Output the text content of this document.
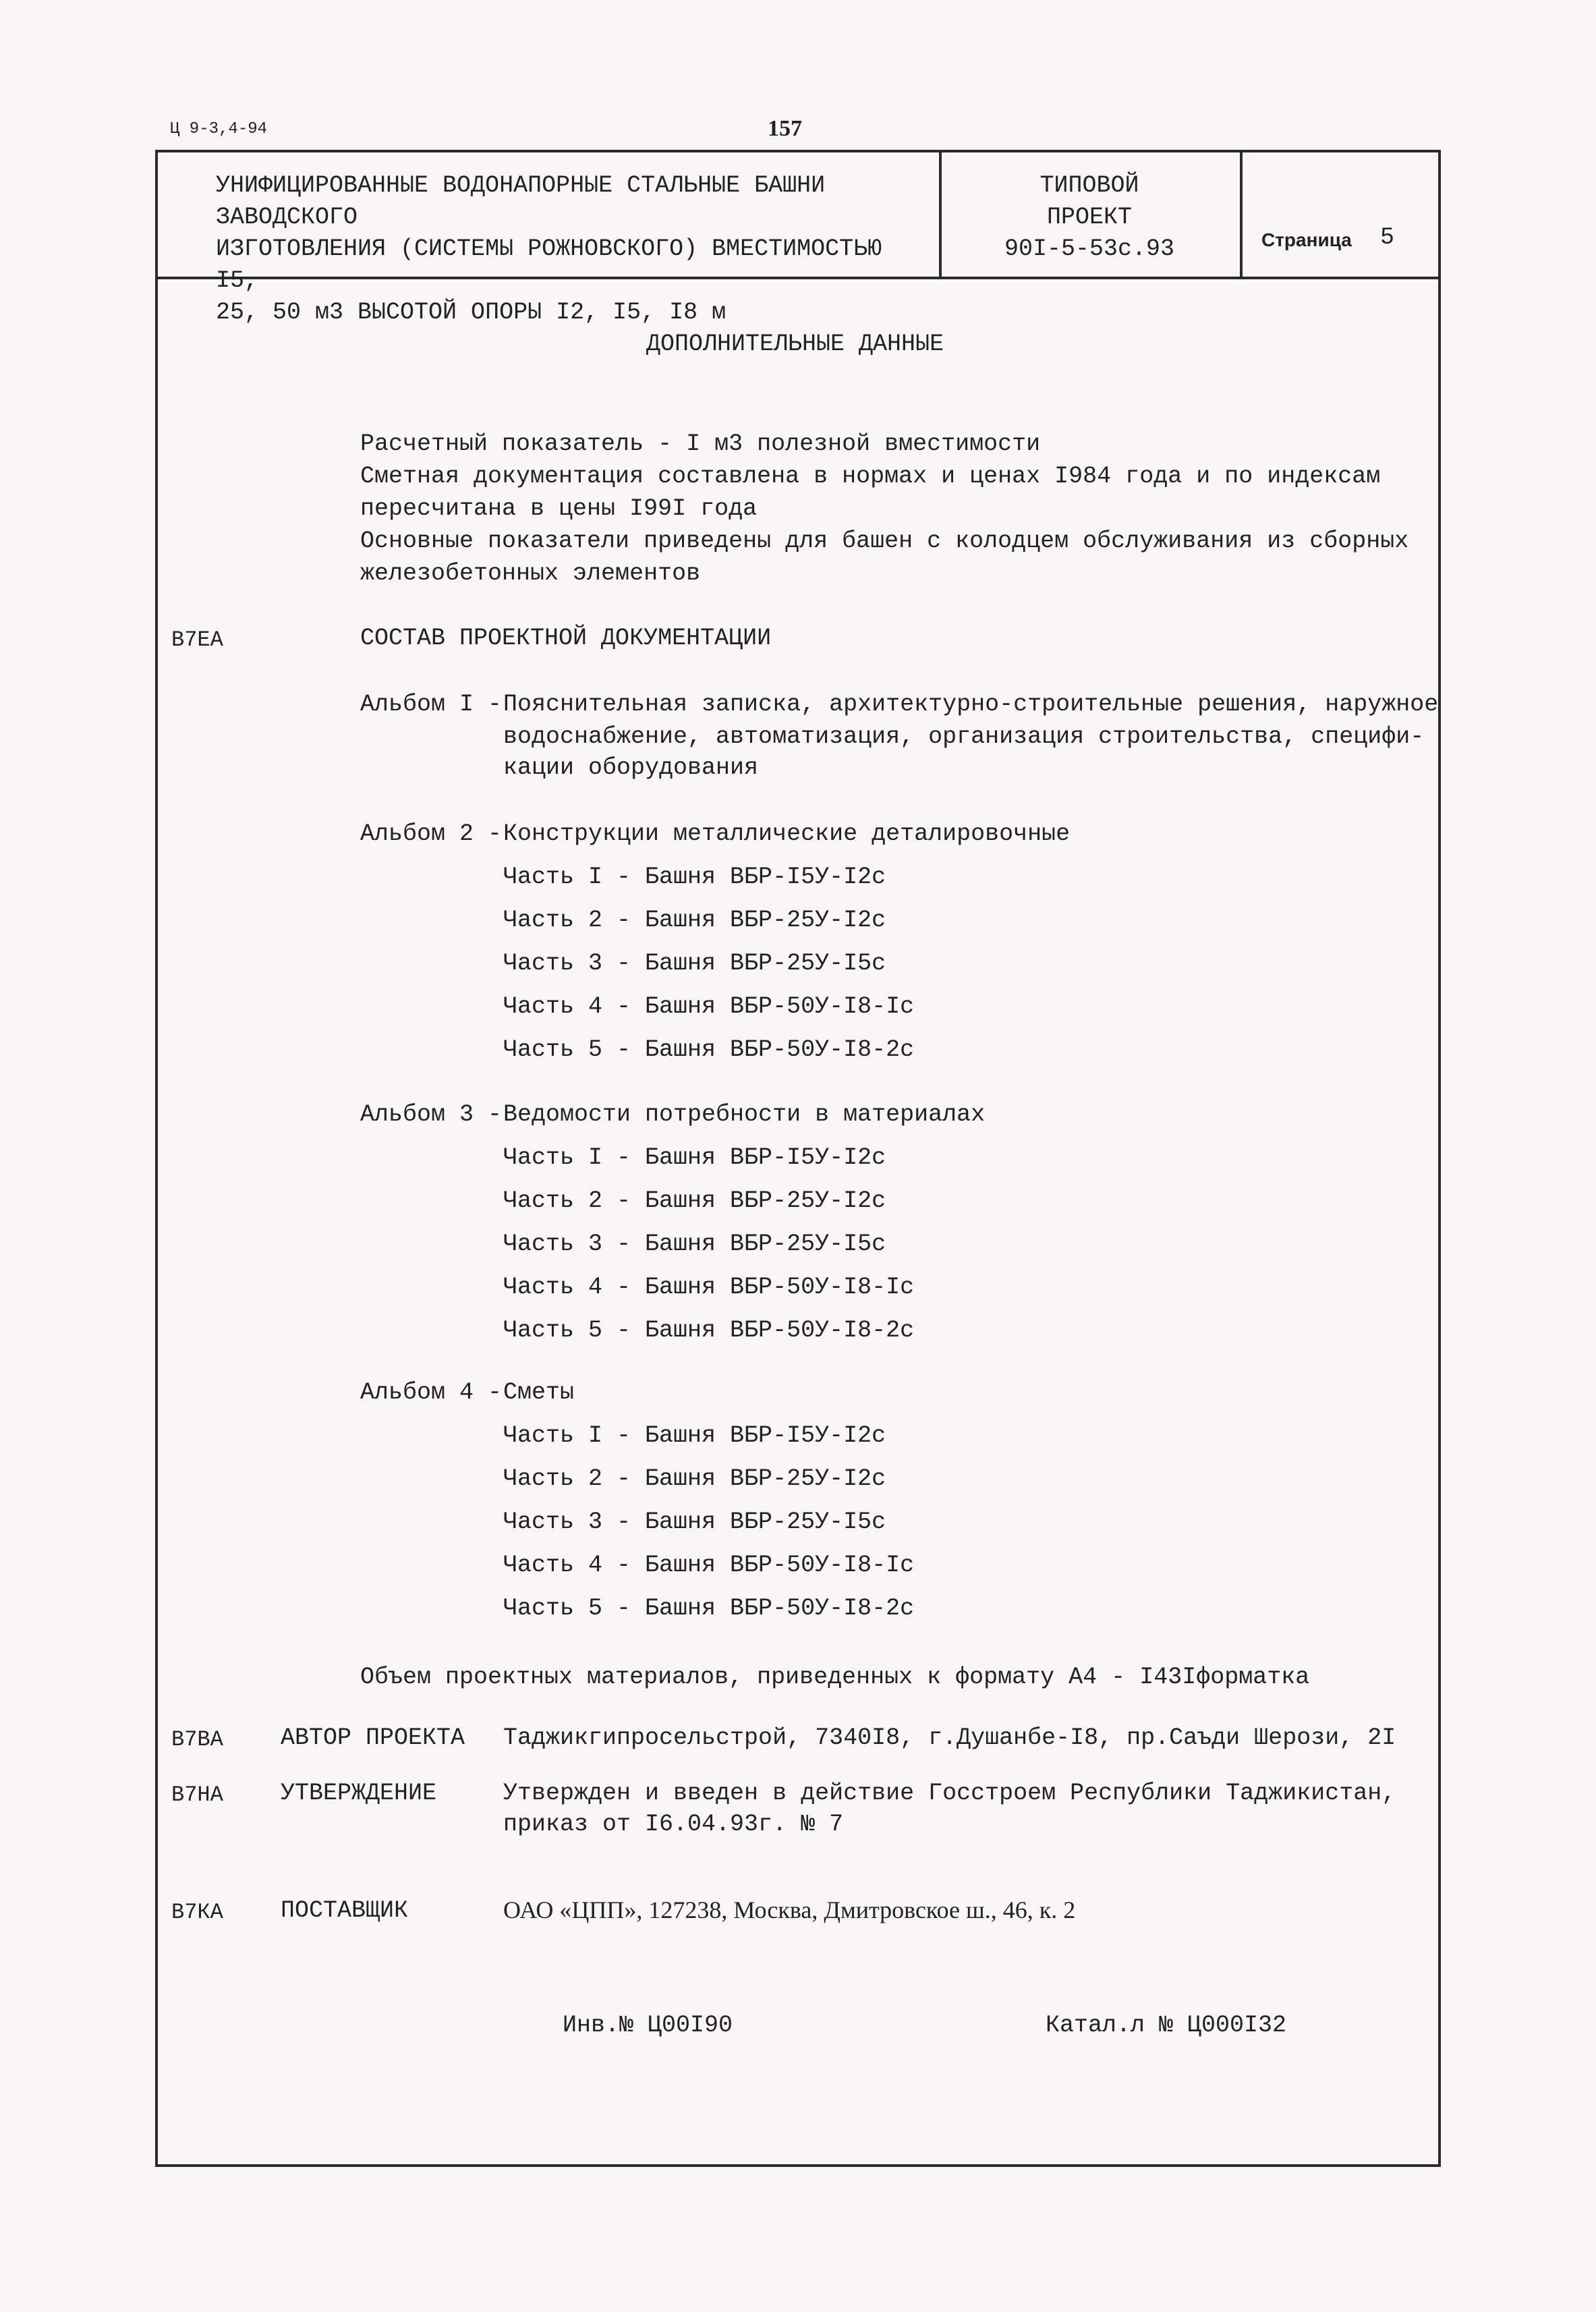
Ц 9-3,4-94	157
УНИФИЦИРОВАННЫЕ ВОДОНАПОРНЫЕ СТАЛЬНЫЕ БАШНИ ЗАВОДСКОГО
ИЗГОТОВЛЕНИЯ (СИСТЕМЫ РОЖНОВСКОГО) ВМЕСТИМОСТЬЮ I5,
25, 50 м3 ВЫСОТОЙ ОПОРЫ I2, I5, I8 м
ТИПОВОЙ ПРОЕКТ
90I-5-53с.93	Страница 5
ДОПОЛНИТЕЛЬНЫЕ ДАННЫЕ
Расчетный показатель - I м3 полезной вместимости
Сметная документация составлена в нормах и ценах I984 года и по индексам
пересчитана в цены I99I года
Основные показатели приведены для башен с колодцем обслуживания из сборных
железобетонных элементов
В7ЕА	СОСТАВ ПРОЕКТНОЙ ДОКУМЕНТАЦИИ
Альбом I - Пояснительная записка, архитектурно-строительные решения, наружное
водоснабжение, автоматизация, организация строительства, специфи-
кации оборудования
Альбом 2 - Конструкции металлические деталировочные
Часть I - Башня ВБР-I5У-I2с
Часть 2 - Башня ВБР-25У-I2с
Часть 3 - Башня ВБР-25У-I5с
Часть 4 - Башня ВБР-50У-I8-Iс
Часть 5 - Башня ВБР-50У-I8-2с
Альбом 3 - Ведомости потребности в материалах
Часть I - Башня ВБР-I5У-I2с
Часть 2 - Башня ВБР-25У-I2с
Часть 3 - Башня ВБР-25У-I5с
Часть 4 - Башня ВБР-50У-I8-Iс
Часть 5 - Башня ВБР-50У-I8-2с
Альбом 4 - Сметы
Часть I - Башня ВБР-I5У-I2с
Часть 2 - Башня ВБР-25У-I2с
Часть 3 - Башня ВБР-25У-I5с
Часть 4 - Башня ВБР-50У-I8-Iс
Часть 5 - Башня ВБР-50У-I8-2с
Объем проектных материалов, приведенных к формату А4 - I43Iформатка
В7ВА АВТОР ПРОЕКТА Таджикгипросельстрой, 7340I8, г.Душанбе-I8, пр.Саъди Шерози, 2I
В7НА УТВЕРЖДЕНИЕ	Утвержден и введен в действие Госстроем Республики Таджикистан,
приказ от I6.04.93г. № 7
В7КА ПОСТАВЩИК	ОАО «ЦПП», 127238, Москва, Дмитровское ш., 46, к. 2
Инв.№ Ц00I90	Катал.л № Ц000I32
